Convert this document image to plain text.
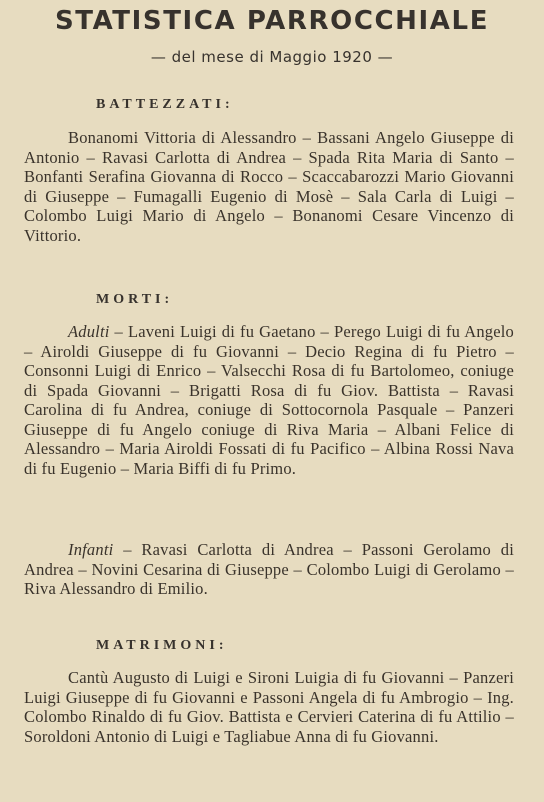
STATISTICA PARROCCHIALE
— del mese di Maggio 1920 —
BATTEZZATI:
Bonanomi Vittoria di Alessandro – Bassani Angelo Giuseppe di Antonio – Ravasi Carlotta di Andrea – Spada Rita Maria di Santo – Bonfanti Serafina Giovanna di Rocco – Scaccabarozzi Mario Giovanni di Giuseppe – Fumagalli Eugenio di Mosè – Sala Carla di Luigi – Colombo Luigi Mario di Angelo – Bonanomi Cesare Vincenzo di Vittorio.
MORTI:
Adulti – Laveni Luigi di fu Gaetano – Perego Luigi di fu Angelo – Airoldi Giuseppe di fu Giovanni – Decio Regina di fu Pietro – Consonni Luigi di Enrico – Valsecchi Rosa di fu Bartolomeo, coniuge di Spada Giovanni – Brigatti Rosa di fu Giov. Battista – Ravasi Carolina di fu Andrea, coniuge di Sottocornola Pasquale – Panzeri Giuseppe di fu Angelo coniuge di Riva Maria – Albani Felice di Alessandro – Maria Airoldi Fossati di fu Pacifico – Albina Rossi Nava di fu Eugenio – Maria Biffi di fu Primo.
Infanti – Ravasi Carlotta di Andrea – Passoni Gerolamo di Andrea – Novini Cesarina di Giuseppe – Colombo Luigi di Gerolamo – Riva Alessandro di Emilio.
MATRIMONI:
Cantù Augusto di Luigi e Sironi Luigia di fu Giovanni – Panzeri Luigi Giuseppe di fu Giovanni e Passoni Angela di fu Ambrogio – Ing. Colombo Rinaldo di fu Giov. Battista e Cervieri Caterina di fu Attilio – Soroldoni Antonio di Luigi e Tagliabue Anna di fu Giovanni.
